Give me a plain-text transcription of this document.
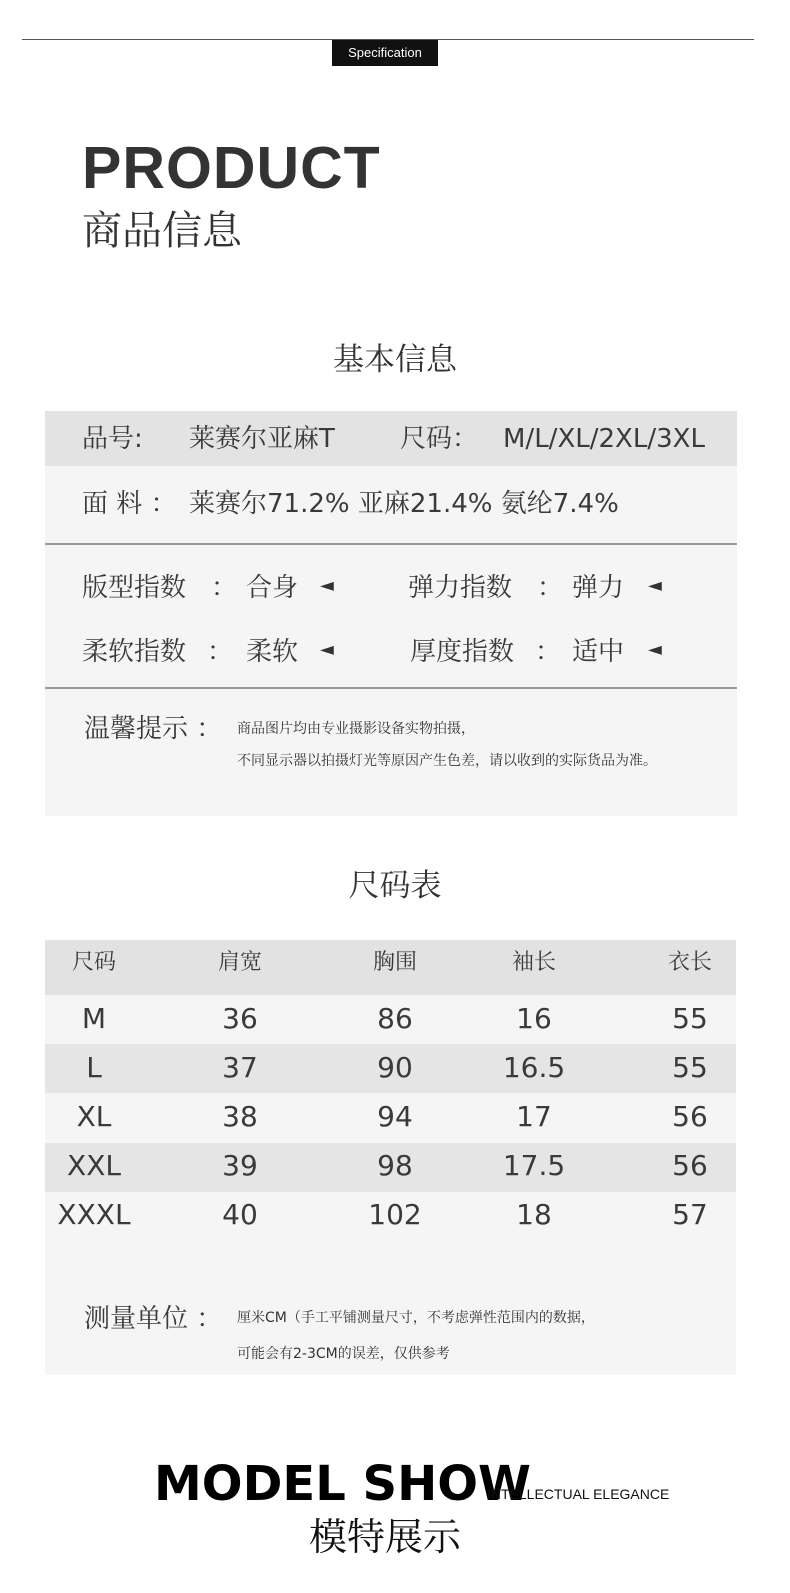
Specification
PRODUCT
商品信息
基本信息
品号: 莱赛尔亚麻T	尺码： M/L/XL/2XL/3XL
面 料 ： 莱赛尔71.2% 亚麻21.4% 氨纶7.4%
版型指数 ： 合身 ◄	弹力指数 ： 弹力 ◄
柔软指数 ： 柔软 ◄	厚度指数 ： 适中 ◄
温馨提示 ： 商品图片均由专业摄影设备实物拍摄，
不同显示器以拍摄灯光等原因产生色差，请以收到的实际货品为准。
尺码表
尺码	肩宽	胸围	袖长	衣长
M	36	86	16	55
L	37	90	16.5	55
XL	38	94	17	56
XXL	39	98	17.5	56
XXXL	40	102	18	57
测量单位 ： 厘米CM（手工平铺测量尺寸，不考虑弹性范围内的数据，
可能会有2-3CM的误差，仅供参考
MODEL SHOW
INTELLECTUAL ELEGANCE
模特展示
